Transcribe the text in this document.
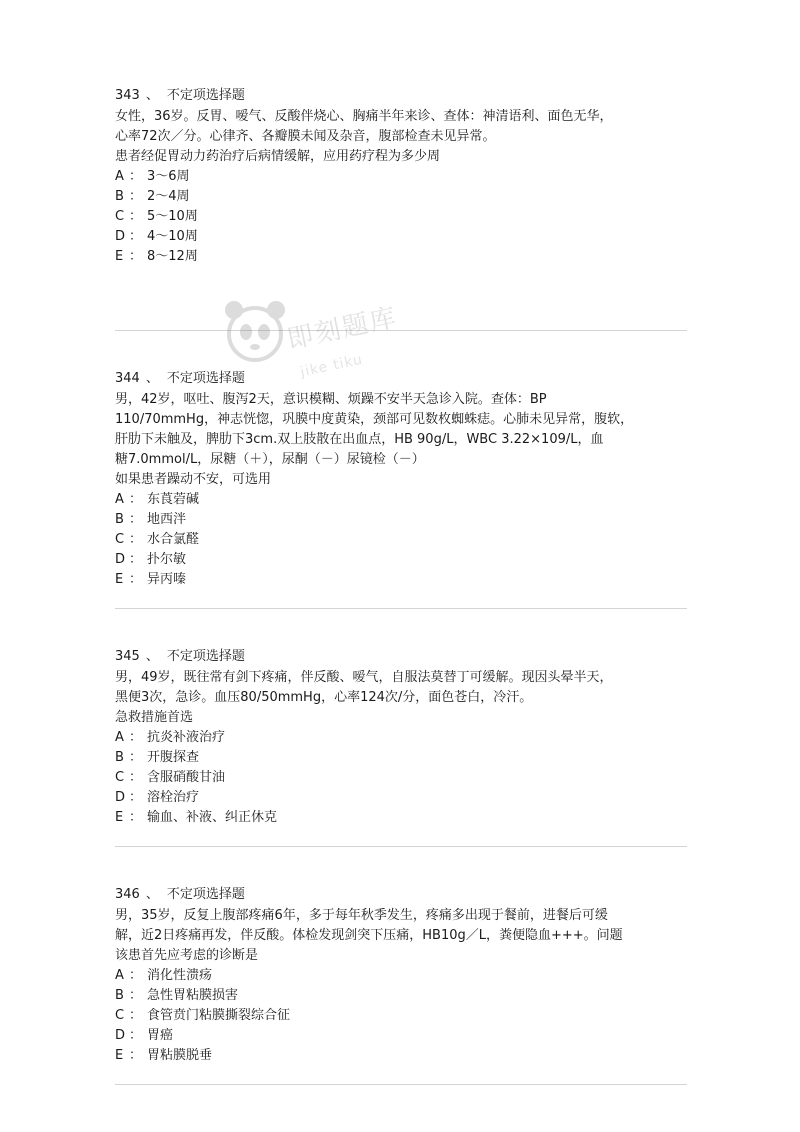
343 、 不定项选择题

女性，36岁。反胃、嗳气、反酸伴烧心、胸痛半年来诊、查体：神清语利、面色无华，

心率72次／分。心律齐、各瓣膜未闻及杂音，腹部检查未见异常。

患者经促胃动力药治疗后病情缓解，应用药疗程为多少周

A ： 3～6周
B ： 2～4周
C ： 5～10周
D ： 4～10周
E ： 8～12周
344 、 不定项选择题

男，42岁，呕吐、腹泻2天，意识模糊、烦躁不安半天急诊入院。查体：BP

110/70mmHg，神志恍惚，巩膜中度黄染，颈部可见数枚蜘蛛痣。心肺未见异常，腹软，

肝肋下未触及，脾肋下3cm.双上肢散在出血点，HB 90g/L，WBC 3.22×109/L，血

糖7.0mmol/L，尿糖（＋），尿酮（－）尿镜检（－）

如果患者躁动不安，可选用

A ： 东莨菪碱
B ： 地西泮
C ： 水合氯醛
D ： 扑尔敏
E ： 异丙嗪
345 、 不定项选择题

男，49岁，既往常有剑下疼痛，伴反酸、嗳气，自服法莫替丁可缓解。现因头晕半天，

黑便3次，急诊。血压80/50mmHg，心率124次/分，面色苍白，冷汗。

急救措施首选

A ： 抗炎补液治疗
B ： 开腹探查
C ： 含服硝酸甘油
D ： 溶栓治疗
E ： 输血、补液、纠正休克
346 、 不定项选择题

男，35岁，反复上腹部疼痛6年，多于每年秋季发生，疼痛多出现于餐前，进餐后可缓

解，近2日疼痛再发，伴反酸。体检发现剑突下压痛，HB10g／L，粪便隐血+++。问题

该患首先应考虑的诊断是

A ： 消化性溃疡
B ： 急性胃粘膜损害
C ： 食管贲门粘膜撕裂综合征
D ： 胃癌
E ： 胃粘膜脱垂
即刻题库
jike tiku
